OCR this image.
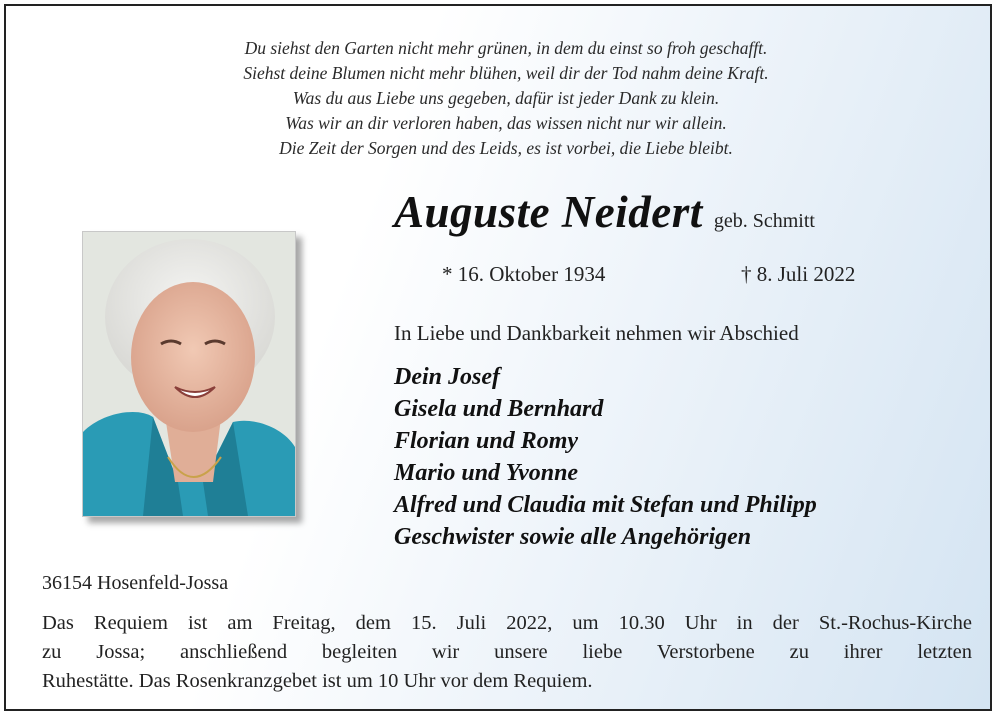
Du siehst den Garten nicht mehr grünen, in dem du einst so froh geschafft.
Siehst deine Blumen nicht mehr blühen, weil dir der Tod nahm deine Kraft.
Was du aus Liebe uns gegeben, dafür ist jeder Dank zu klein.
Was wir an dir verloren haben, das wissen nicht nur wir allein.
Die Zeit der Sorgen und des Leids, es ist vorbei, die Liebe bleibt.
Auguste Neidert geb. Schmitt
* 16. Oktober 1934	† 8. Juli 2022
In Liebe und Dankbarkeit nehmen wir Abschied
Dein Josef
Gisela und Bernhard
Florian und Romy
Mario und Yvonne
Alfred und Claudia mit Stefan und Philipp
Geschwister sowie alle Angehörigen
36154 Hosenfeld-Jossa
Das Requiem ist am Freitag, dem 15. Juli 2022, um 10.30 Uhr in der St.-Rochus-Kirche
zu Jossa; anschließend begleiten wir unsere liebe Verstorbene zu ihrer letzten
Ruhestätte. Das Rosenkranzgebet ist um 10 Uhr vor dem Requiem.
